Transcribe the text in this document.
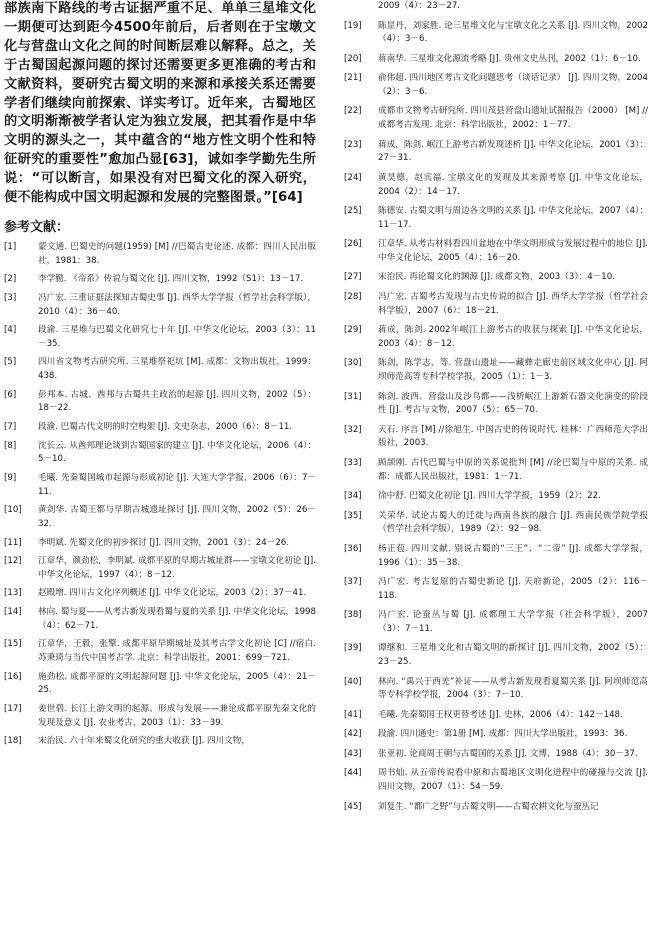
部族南下路线的考古证据严重不足、单单三星堆文化一期便可达到距今4500年前后，后者则在于宝墩文化与营盘山文化之间的时间断层难以解释。总之，关于古蜀国起源问题的探讨还需要更多更准确的考古和文献资料，要研究古蜀文明的来源和承接关系还需要学者们继续向前探索、详实考订。近年来，古蜀地区的文明渐渐被学者认定为独立发展，把其看作是中华文明的源头之一，其中蕴含的“地方性文明个性和特征研究的重要性”愈加凸显[63]，诚如李学勤先生所说：“可以断言，如果没有对巴蜀文化的深入研究，便不能构成中国文明起源和发展的完整图景。”[64]

参考文献：
[1]	蒙文通. 巴蜀史的问题(1959) [M] //巴蜀古史论述. 成都：四川人民出版社，1981：38.
[2]	李学勤. 《帝系》传说与蜀文化 [J]. 四川文物，1992（S1）：13－17.
[3]	冯广宏. 三重证据法探知古蜀史事 [J]. 西华大学学报（哲学社会科学版），2010（4）：36－40.
[4]	段渝. 三星堆与巴蜀文化研究七十年 [J]. 中华文化论坛，2003（3）：11－35.
[5]	四川省文物考古研究所. 三星堆祭祀坑 [M]. 成都：文物出版社，1999：438.
[6]	彭邦本. 古城、酋邦与古蜀共主政治的起源 [J]. 四川文物，2002（5）：18－22.
[7]	段渝. 巴蜀古代文明的时空构架 [J]. 文史杂志，2000（6）：8－11.
[8]	沈长云. 从酋邦理论谈到古蜀国家的建立 [J]. 中华文化论坛，2006（4）：5－10.
[9]	毛曦. 先秦蜀国城市起源与形成初论 [J]. 大连大学学报，2006（6）：7－11.
[10]	黄剑华. 古蜀王都与早期古城遗址探讨 [J]. 四川文物，2002（5）：26－32.
[11]	李明斌. 先蜀文化的初步探讨 [J]. 四川文物，2001（3）：24－26.
[12]	江章华，颜劲松，李明斌. 成都平原的早期古城址群——宝墩文化初论 [J]. 中华文化论坛，1997（4）：8－12.
[13]	赵殿增. 四川古文化序列概述 [J]. 中华文化论坛，2003（2）：37－41.
[14]	林向. 蜀与夏——从考古新发现看蜀与夏的关系 [J]. 中华文化论坛，1998（4）：62－71.
[15]	江章华，王毅，张擎. 成都平原早期城址及其考古学文化初论 [C] //宿白. 苏秉琦与当代中国考古学. 北京：科学出版社，2001：699－721.
[16]	施劲松. 成都平原的文明起源问题 [J]. 中华文化论坛，2005（4）：21－25.
[17]	姜世碧. 长江上游文明的起源、形成与发展——兼论成都平原先秦文化的发现及意义 [J]. 农业考古，2003（1）：33－39.
[18]	宋治民. 六十年来蜀文化研究的重大收获 [J]. 四川文物，
2009（4）：23－27.
[19]	陈显丹，刘家胜. 论三星堆文化与宝墩文化之关系 [J]. 四川文物，2002（4）：3－6.
[20]	蒋南华. 三星堆文化源流考略 [J]. 贵州文史丛刊，2002（1）：6－10.
[21]	俞伟超. 四川地区考古文化问题思考（谈话记录） [J]. 四川文物，2004（2）：3－6.
[22]	成都市文物考古研究所. 四川茂县营盘山遗址试掘报告（2000） [M] //成都考古发现. 北京：科学出版社，2002：1－77.
[23]	蒋成，陈剑. 岷江上游考古新发现述析 [J]. 中华文化论坛，2001（3）：27－31.
[24]	黄昊德，赵宾福. 宝墩文化的发现及其来源考察 [J]. 中华文化论坛，2004（2）：14－17.
[25]	陈德安. 古蜀文明与周边各文明的关系 [J]. 中华文化论坛，2007（4）：11－17.
[26]	江章华. 从考古材料看四川盆地在中华文明形成与发展过程中的地位 [J]. 中华文化论坛，2005（4）：16－20.
[27]	宋治民. 再论蜀文化的渊源 [J]. 成都文物，2003（3）：4－10.
[28]	冯广宏. 古蜀考古发现与古史传说的拟合 [J]. 西华大学学报（哲学社会科学版），2007（6）：18－21.
[29]	蒋成，陈剑. 2002年岷江上游考古的收获与探索 [J]. 中华文化论坛，2003（4）：8－12.
[30]	陈剑，陈学志，等. 营盘山遗址——藏彝走廊史前区域文化中心 [J]. 阿坝师范高等专科学校学报，2005（1）：1－3.
[31]	陈剑. 波西、营盘山及沙乌都——浅析岷江上游新石器文化演变的阶段性 [J]. 考古与文物，2007（5）：65－70.
[32]	天石. 序言 [M] //徐旭生. 中国古史的传说时代. 桂林：广西师范大学出版社，2003.
[33]	顾颉刚. 古代巴蜀与中原的关系说批判 [M] //论巴蜀与中原的关系. 成都：成都人民出版社，1981：1－71.
[34]	徐中舒. 巴蜀文化初论 [J]. 四川大学学报，1959（2）：22.
[35]	关荣华. 试论古蜀人的迁徙与西南各族的融合 [J]. 西南民族学院学报（哲学社会科学版），1989（2）：92－98.
[36]	杨正苞. 四川文献. 别说古蜀的“三王”、“二帝” [J]. 成都大学学报，1996（1）：35－38.
[37]	冯广宏. 考古复原的古蜀史新论 [J]. 天府新论，2005（2）：116－118.
[38]	冯广宏. 论蚕丛与蜀 [J]. 成都理工大学学报（社会科学版），2007（3）：7－11.
[39]	谭继和. 三星堆文化和古蜀文明的新探讨 [J]. 四川文物，2002（5）：23－25.
[40]	林向. “禹兴于西羌”补证——从考古新发现看夏蜀关系 [J]. 阿坝师范高等专科学校学报，2004（3）：7－10.
[41]	毛曦. 先秦蜀国王权更替考述 [J]. 史林，2006（4）：142－148.
[42]	段渝. 四川通史：第1册 [M]. 成都：四川大学出版社，1993：36.
[43]	张亚初. 论商周王朝与古蜀国的关系 [J]. 文博，1988（4）：30－37.
[44]	周书灿. 从五帝传说看中原和古蜀地区文明化进程中的碰撞与交流 [J]. 四川文物，2007（1）：54－59.
[45]	刘复生. “都广之野”与古蜀文明——古蜀农耕文化与蚕丛记
